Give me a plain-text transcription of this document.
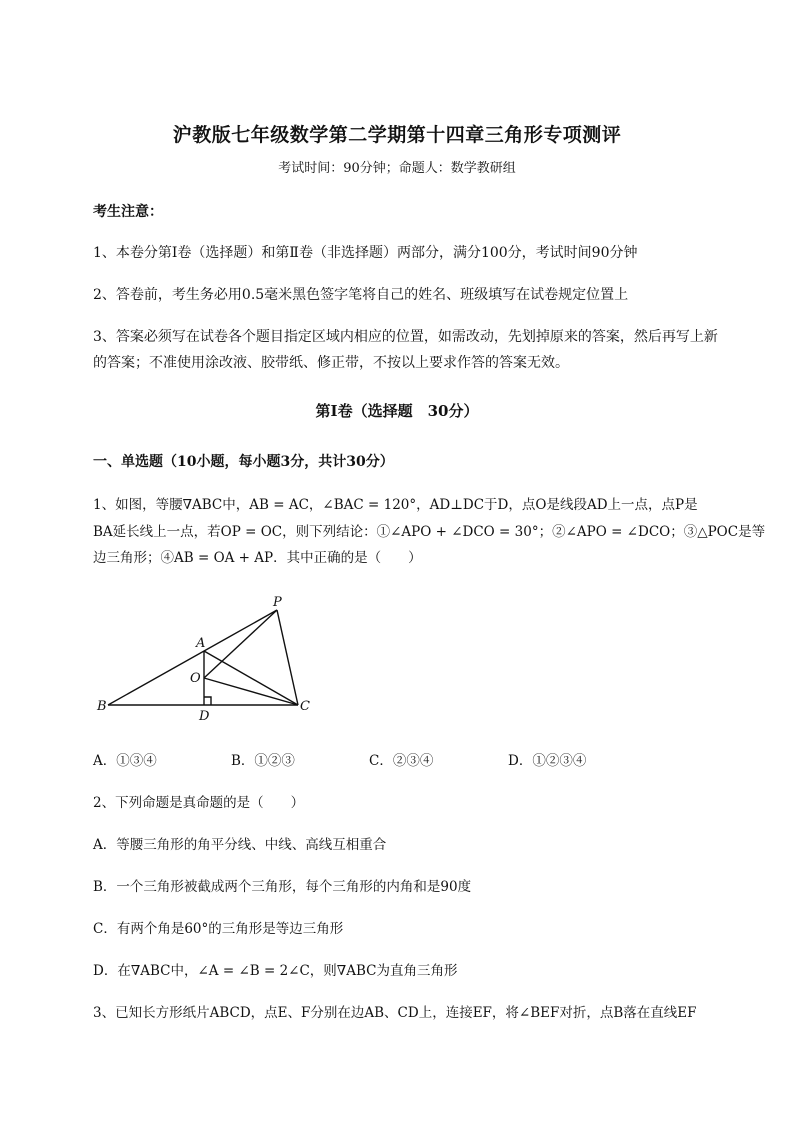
沪教版七年级数学第二学期第十四章三角形专项测评
考试时间：90分钟；命题人：数学教研组
考生注意：
1、本卷分第Ⅰ卷（选择题）和第Ⅱ卷（非选择题）两部分，满分100分，考试时间90分钟
2、答卷前，考生务必用0.5毫米黑色签字笔将自己的姓名、班级填写在试卷规定位置上
3、答案必须写在试卷各个题目指定区域内相应的位置，如需改动，先划掉原来的答案，然后再写上新
的答案；不准使用涂改液、胶带纸、修正带，不按以上要求作答的答案无效。
第Ⅰ卷（选择题　30分）
一、单选题（10小题，每小题3分，共计30分）
1、如图，等腰∇ABC中，AB = AC，∠BAC = 120°，AD⊥DC于D，点O是线段AD上一点，点P是
BA延长线上一点，若OP = OC，则下列结论：①∠APO + ∠DCO = 30°；②∠APO = ∠DCO；③△POC是等
边三角形；④AB = OA + AP．其中正确的是（　　）
P
A
O
B
D
C
A．①③④	B．①②③	C．②③④	D．①②③④
2、下列命题是真命题的是（　　）
A．等腰三角形的角平分线、中线、高线互相重合
B．一个三角形被截成两个三角形，每个三角形的内角和是90度
C．有两个角是60°的三角形是等边三角形
D．在∇ABC中，∠A = ∠B = 2∠C，则∇ABC为直角三角形
3、已知长方形纸片ABCD，点E、F分别在边AB、CD上，连接EF，将∠BEF对折，点B落在直线EF
